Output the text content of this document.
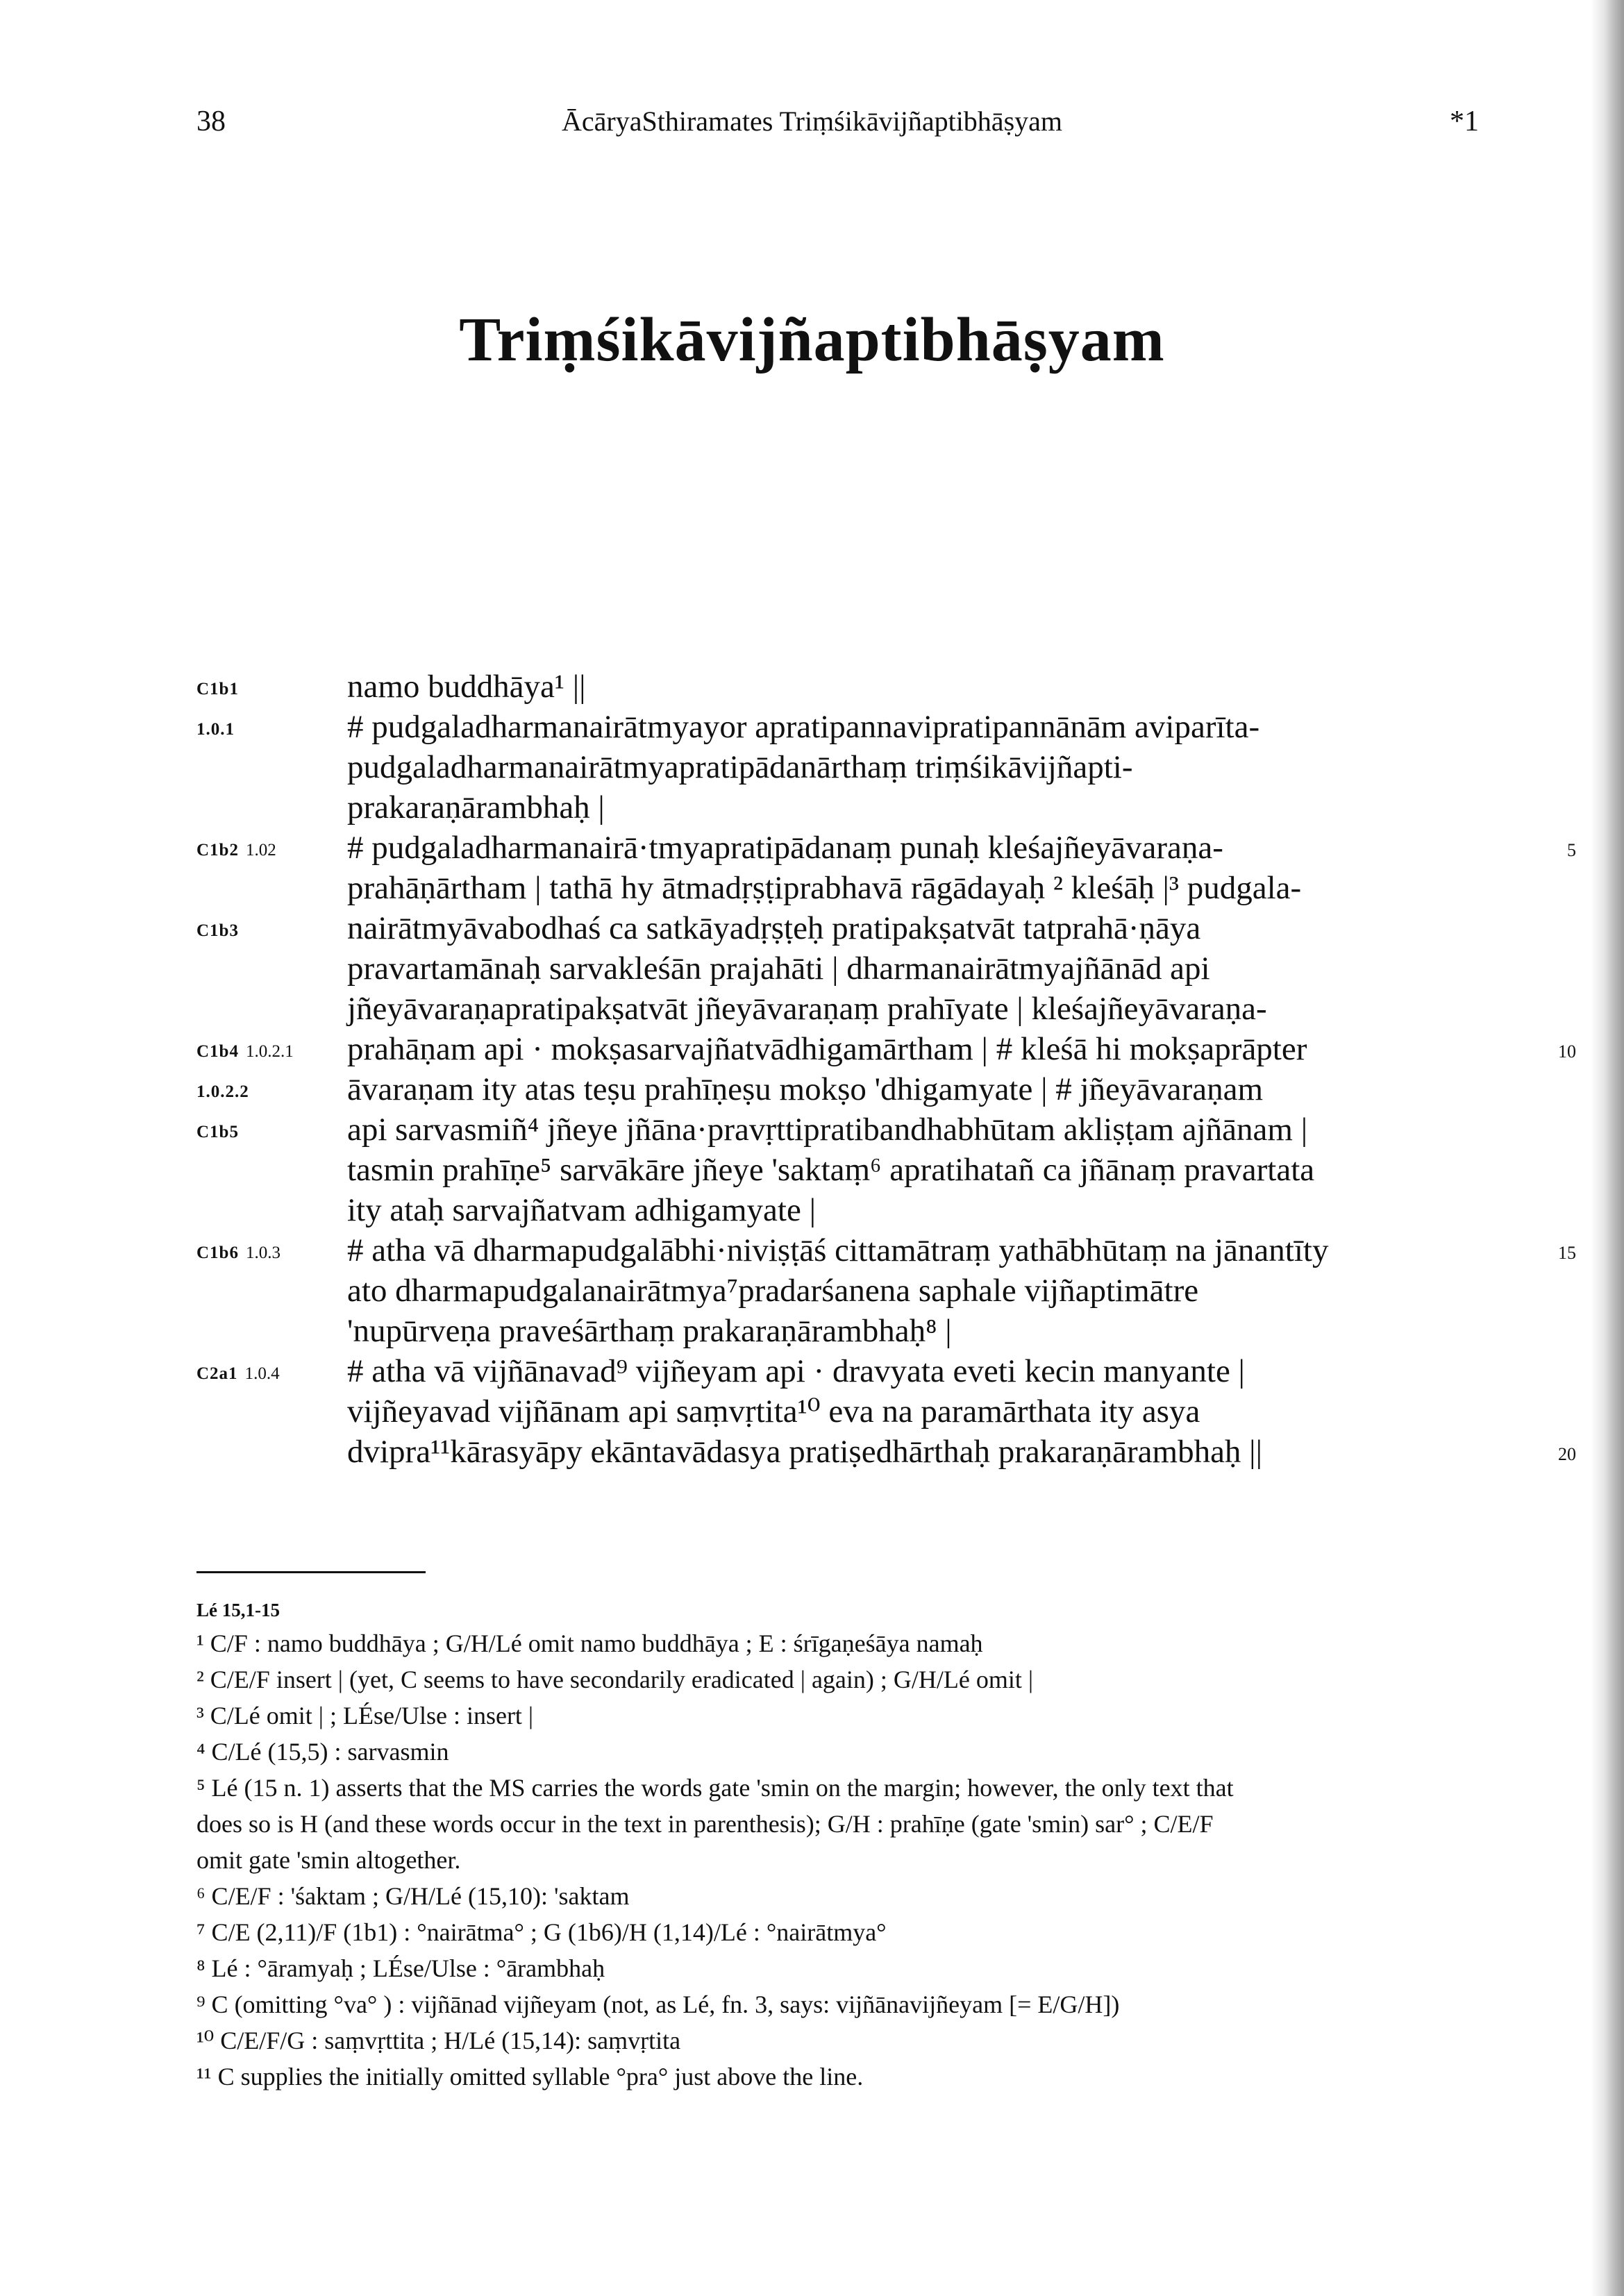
38	ĀcāryaSthiramates Triṃśikāvijñaptibhāṣyam	*1
Triṃśikāvijñaptibhāṣyam
C1b1	namo buddhāya¹ ||
1.0.1	# pudgaladharmanairātmyayor apratipannavipratipannānām aviparīta-
pudgaladharmanairātmyapratipādanārthaṃ triṃśikāvijñapti-
prakaraṇārambhaḥ |
C1b2 1.02 # pudgaladharmanairā·tmyapratipādanaṃ punaḥ kleśajñeyāvaraṇa-	5
prahāṇārtham | tathā hy ātmadṛṣṭiprabhavā rāgādayaḥ ² kleśāḥ |³ pudgala-
C1b3	nairātmyāvabodhaś ca satkāyadṛṣṭeḥ pratipakṣatvāt tatprahā·ṇāya
pravartamānaḥ sarvakleśān prajahāti | dharmanairātmyajñānād api
jñeyāvaraṇapratipakṣatvāt jñeyāvaraṇaṃ prahīyate | kleśajñeyāvaraṇa-
C1b4 1.0.2.1 prahāṇam api · mokṣasarvajñatvādhigamārtham | # kleśā hi mokṣaprāpter	10
1.0.2.2	āvaraṇam ity atas teṣu prahīṇeṣu mokṣo 'dhigamyate | # jñeyāvaraṇam
C1b5	api sarvasmiñ⁴ jñeye jñāna·pravṛttipratibandhabhūtam akliṣṭam ajñānam |
tasmin prahīṇe⁵ sarvākāre jñeye 'saktaṃ⁶ apratihatañ ca jñānaṃ pravartata
ity ataḥ sarvajñatvam adhigamyate |
C1b6 1.0.3 # atha vā dharmapudgalābhi·niviṣṭāś cittamātraṃ yathābhūtaṃ na jānantīty	15
ato dharmapudgalanairātmya⁷pradarśanena saphale vijñaptimātre
'nupūrveṇa praveśārthaṃ prakaraṇārambhaḥ⁸ |
C2a1 1.0.4 # atha vā vijñānavad⁹ vijñeyam api · dravyata eveti kecin manyante |
vijñeyavad vijñānam api saṃvṛtita¹⁰ eva na paramārthata ity asya
dvipra¹¹kārasyāpy ekāntavādasya pratiṣedhārthaḥ prakaraṇārambhaḥ ||	20
Lé 15,1-15
¹ C/F : namo buddhāya ; G/H/Lé omit namo buddhāya ; E : śrīgaṇeśāya namaḥ
² C/E/F insert | (yet, C seems to have secondarily eradicated | again) ; G/H/Lé omit |
³ C/Lé omit | ; LÉse/Ulse : insert |
⁴ C/Lé (15,5) : sarvasmin
⁵ Lé (15 n. 1) asserts that the MS carries the words gate 'smin on the margin; however, the only text that
does so is H (and these words occur in the text in parenthesis); G/H : prahīṇe (gate 'smin) sar° ; C/E/F
omit gate 'smin altogether.
⁶ C/E/F : 'śaktam ; G/H/Lé (15,10): 'saktam
⁷ C/E (2,11)/F (1b1) : °nairātma° ; G (1b6)/H (1,14)/Lé : °nairātmya°
⁸ Lé : °āramyaḥ ; LÉse/Ulse : °ārambhaḥ
⁹ C (omitting °va° ) : vijñānad vijñeyam (not, as Lé, fn. 3, says: vijñānavijñeyam [= E/G/H])
¹⁰ C/E/F/G : saṃvṛttita ; H/Lé (15,14): saṃvṛtita
¹¹ C supplies the initially omitted syllable °pra° just above the line.
